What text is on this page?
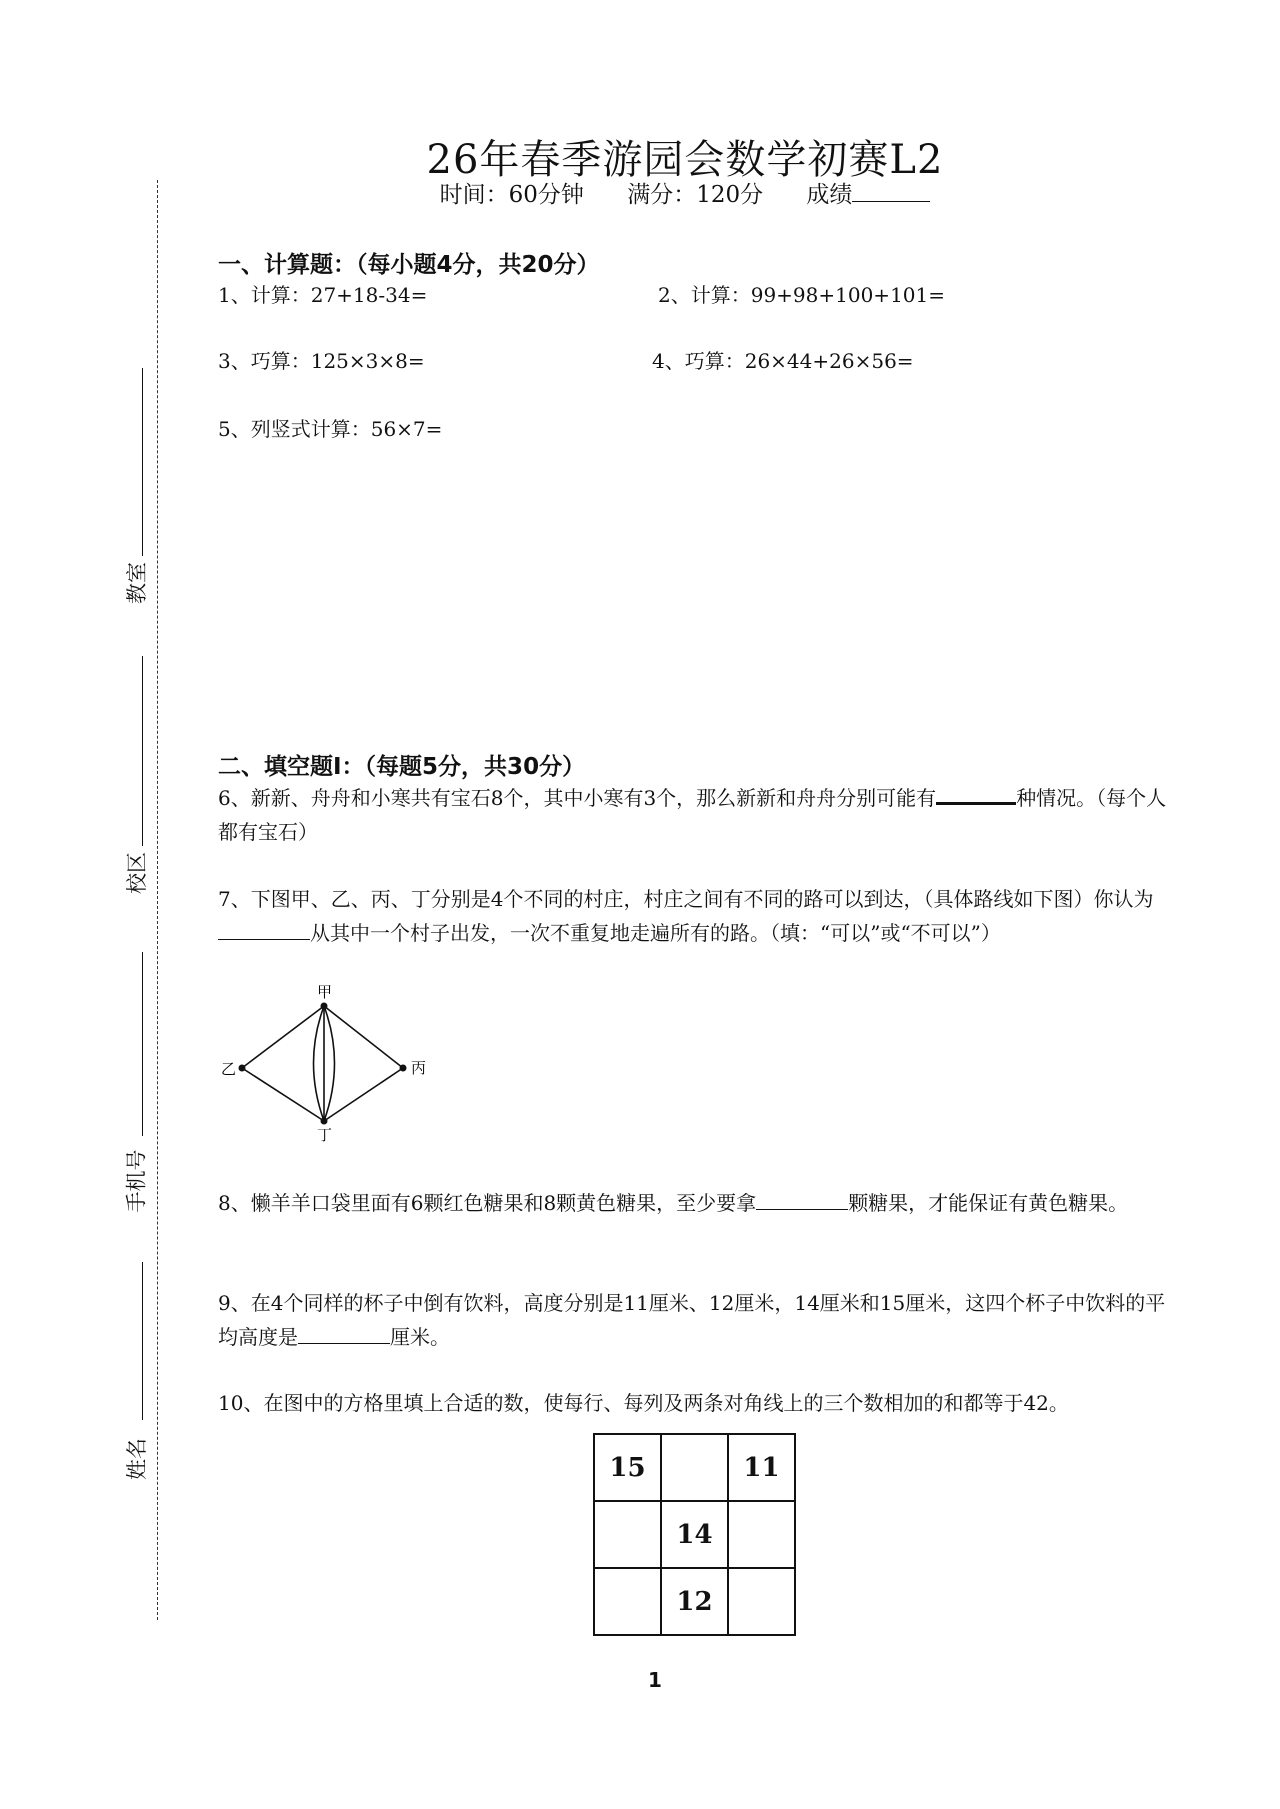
教室
校区
手机号
姓名
26年春季游园会数学初赛L2
时间：60分钟 满分：120分 成绩
一、计算题：（每小题4分，共20分）
1、计算：27+18-34=	2、计算：99+98+100+101=
3、巧算：125×3×8=	4、巧算：26×44+26×56=
5、列竖式计算：56×7=
二、填空题Ⅰ：（每题5分，共30分）
6、新新、舟舟和小寒共有宝石8个，其中小寒有3个，那么新新和舟舟分别可能有	种情况。（每个人都有宝石）
7、下图甲、乙、丙、丁分别是4个不同的村庄，村庄之间有不同的路可以到达，（具体路线如下图）你认为从其中一个村子出发，一次不重复地走遍所有的路。（填：“可以”或“不可以”）
甲
乙	丙
丁
8、懒羊羊口袋里面有6颗红色糖果和8颗黄色糖果，至少要拿	颗糖果，才能保证有黄色糖果。
9、在4个同样的杯子中倒有饮料，高度分别是11厘米、12厘米，14厘米和15厘米，这四个杯子中饮料的平均高度是	厘米。
10、在图中的方格里填上合适的数，使每行、每列及两条对角线上的三个数相加的和都等于42。
15		11
	14	
	12	
1
